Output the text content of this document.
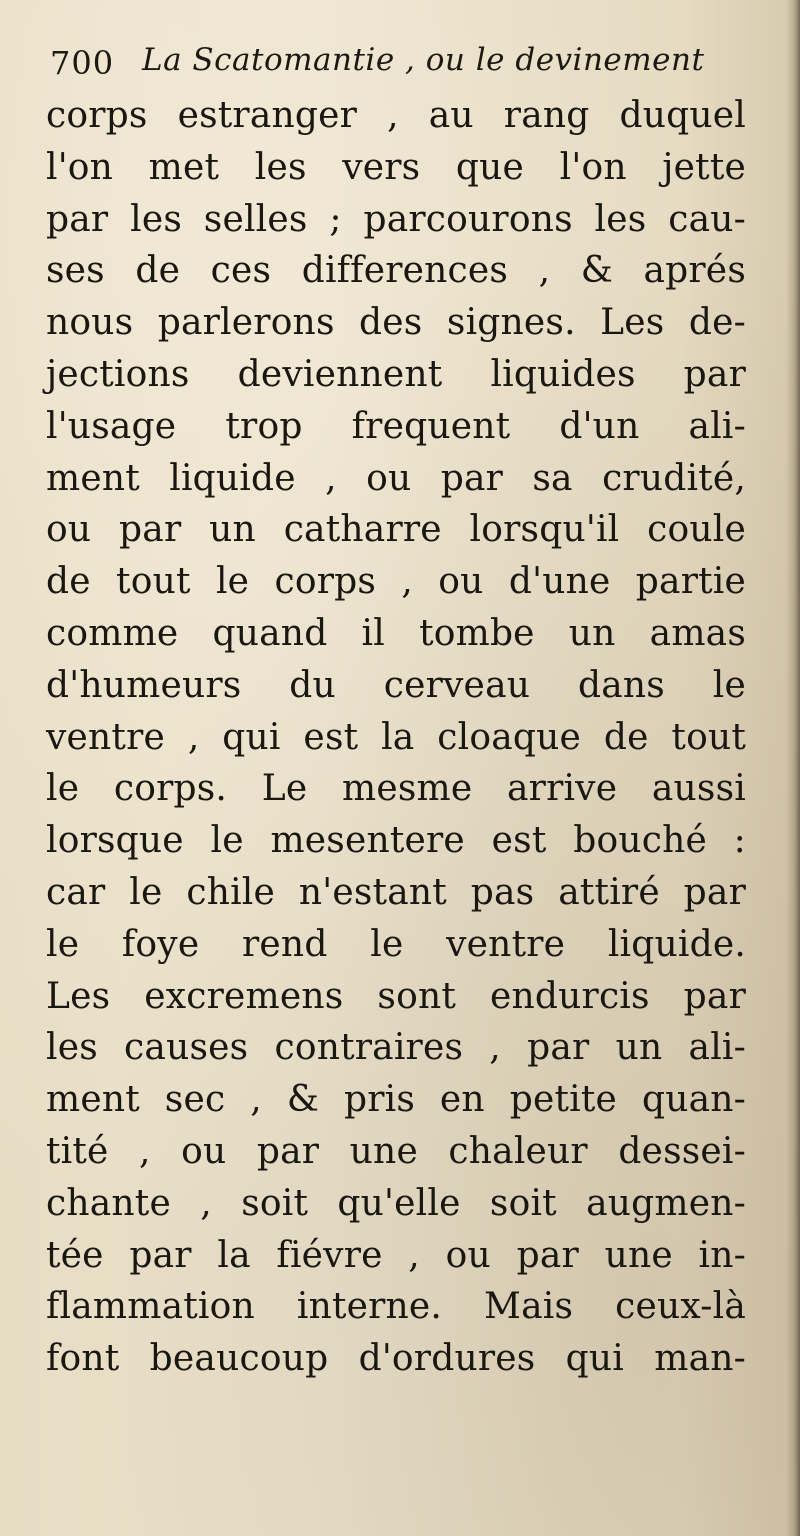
700 La Scatomantie , ou le devinement
corps estranger , au rang duquel
l'on met les vers que l'on jette
par les selles ; parcourons les cau-
ses de ces differences , & aprés
nous parlerons des signes. Les de-
jections deviennent liquides par
l'usage trop frequent d'un ali-
ment liquide , ou par sa crudité,
ou par un catharre lorsqu'il coule
de tout le corps , ou d'une partie
comme quand il tombe un amas
d'humeurs du cerveau dans le
ventre , qui est la cloaque de tout
le corps. Le mesme arrive aussi
lorsque le mesentere est bouché :
car le chile n'estant pas attiré par
le foye rend le ventre liquide.
Les excremens sont endurcis par
les causes contraires , par un ali-
ment sec , & pris en petite quan-
tité , ou par une chaleur dessei-
chante , soit qu'elle soit augmen-
tée par la fiévre , ou par une in-
flammation interne. Mais ceux-là
font beaucoup d'ordures qui man-
